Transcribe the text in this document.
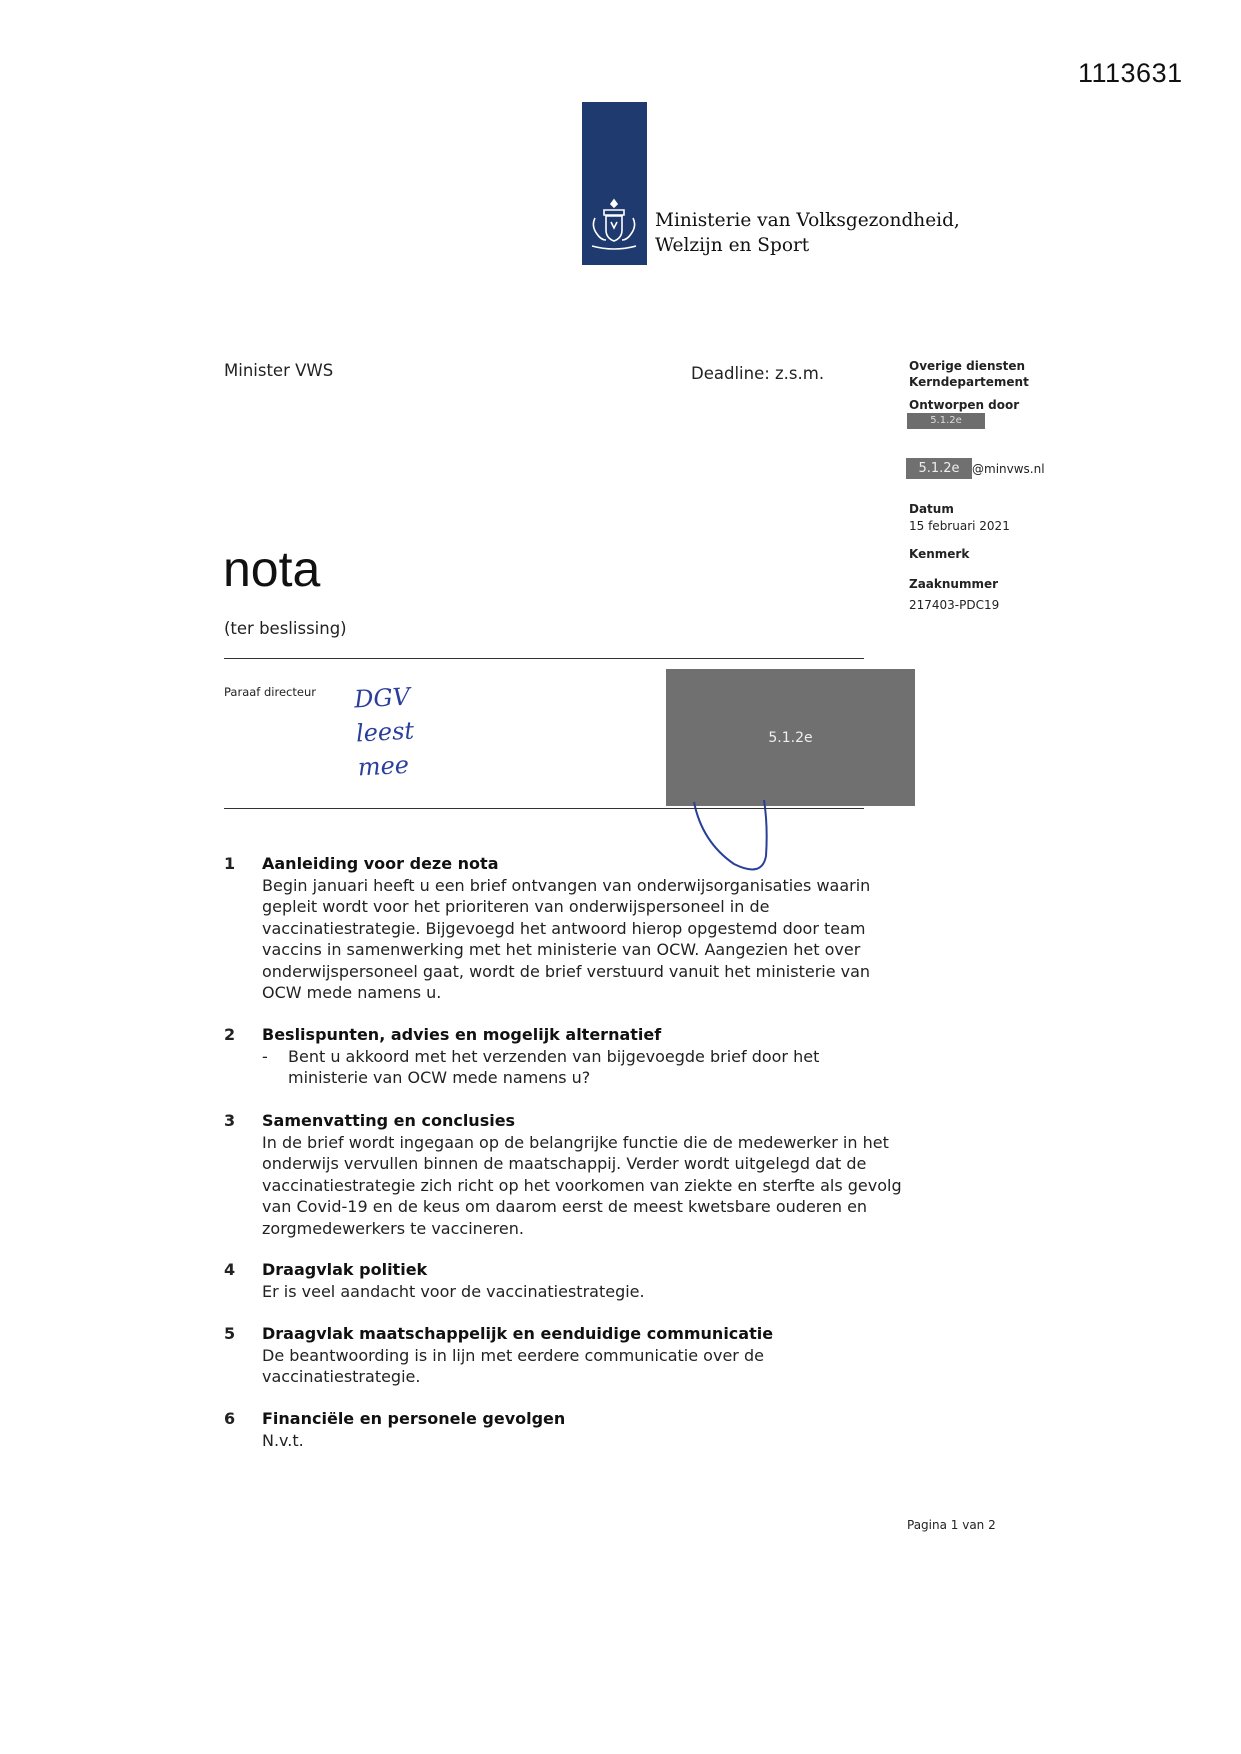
1113631
Ministerie van Volksgezondheid,
Welzijn en Sport
Minister VWS	Deadline: z.s.m.	Overige diensten
Kerndepartement
Ontworpen door
5.1.2e
5.1.2e	@minvws.nl
Datum
15 februari 2021
Kenmerk
Zaaknummer
217403-PDC19
nota
(ter beslissing)
Paraaf directeur DGV
leest
mee
5.1.2e
1	Aanleiding voor deze nota
Begin januari heeft u een brief ontvangen van onderwijsorganisaties waarin gepleit wordt voor het prioriteren van onderwijspersoneel in de vaccinatiestrategie. Bijgevoegd het antwoord hierop opgestemd door team vaccins in samenwerking met het ministerie van OCW. Aangezien het over onderwijspersoneel gaat, wordt de brief verstuurd vanuit het ministerie van OCW mede namens u.
2	Beslispunten, advies en mogelijk alternatief
-	Bent u akkoord met het verzenden van bijgevoegde brief door het ministerie van OCW mede namens u?
3	Samenvatting en conclusies
In de brief wordt ingegaan op de belangrijke functie die de medewerker in het onderwijs vervullen binnen de maatschappij. Verder wordt uitgelegd dat de vaccinatiestrategie zich richt op het voorkomen van ziekte en sterfte als gevolg van Covid-19 en de keus om daarom eerst de meest kwetsbare ouderen en zorgmedewerkers te vaccineren.
4	Draagvlak politiek
Er is veel aandacht voor de vaccinatiestrategie.
5	Draagvlak maatschappelijk en eenduidige communicatie
De beantwoording is in lijn met eerdere communicatie over de vaccinatiestrategie.
6	Financiële en personele gevolgen
N.v.t.
Pagina 1 van 2
